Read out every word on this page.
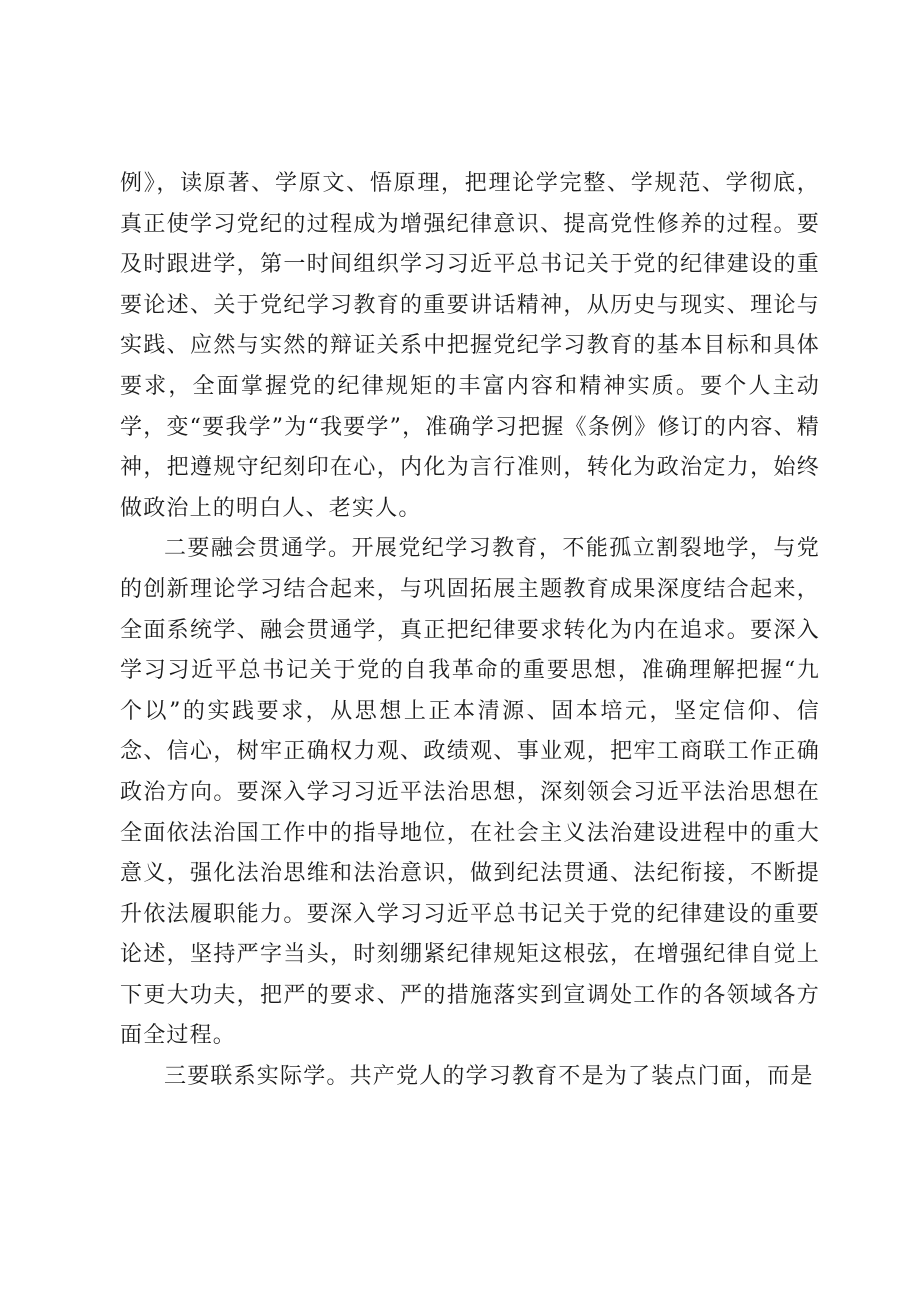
例》，读原著、学原文、悟原理，把理论学完整、学规范、学彻底，真正使学习党纪的过程成为增强纪律意识、提高党性修养的过程。要及时跟进学，第一时间组织学习习近平总书记关于党的纪律建设的重要论述、关于党纪学习教育的重要讲话精神，从历史与现实、理论与实践、应然与实然的辩证关系中把握党纪学习教育的基本目标和具体要求，全面掌握党的纪律规矩的丰富内容和精神实质。要个人主动学，变“要我学”为“我要学”，准确学习把握《条例》修订的内容、精神，把遵规守纪刻印在心，内化为言行准则，转化为政治定力，始终做政治上的明白人、老实人。

二要融会贯通学。开展党纪学习教育，不能孤立割裂地学，与党的创新理论学习结合起来，与巩固拓展主题教育成果深度结合起来，全面系统学、融会贯通学，真正把纪律要求转化为内在追求。要深入学习习近平总书记关于党的自我革命的重要思想，准确理解把握“九个以”的实践要求，从思想上正本清源、固本培元，坚定信仰、信念、信心，树牢正确权力观、政绩观、事业观，把牢工商联工作正确政治方向。要深入学习习近平法治思想，深刻领会习近平法治思想在全面依法治国工作中的指导地位，在社会主义法治建设进程中的重大意义，强化法治思维和法治意识，做到纪法贯通、法纪衔接，不断提升依法履职能力。要深入学习习近平总书记关于党的纪律建设的重要论述，坚持严字当头，时刻绷紧纪律规矩这根弦，在增强纪律自觉上下更大功夫，把严的要求、严的措施落实到宣调处工作的各领域各方面全过程。

三要联系实际学。共产党人的学习教育不是为了装点门面，而是
